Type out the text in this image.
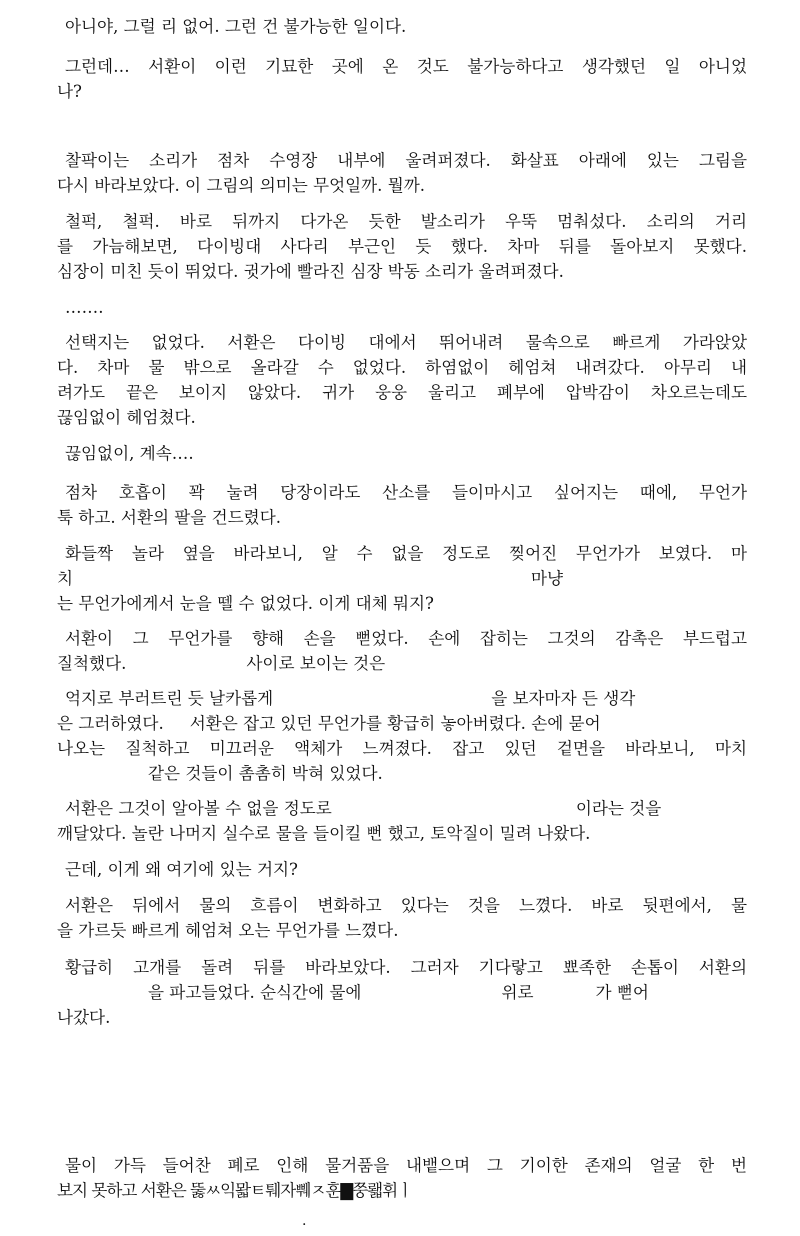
아니야, 그럴 리 없어. 그런 건 불가능한 일이다.

그런데… 서환이 이런 기묘한 곳에 온 것도 불가능하다고 생각했던 일 아니었
나?

찰팍이는 소리가 점차 수영장 내부에 울려퍼졌다. 화살표 아래에 있는 그림을
다시 바라보았다. 이 그림의 의미는 무엇일까. 뭘까.

철퍽, 철퍽. 바로 뒤까지 다가온 듯한 발소리가 우뚝 멈춰섰다. 소리의 거리
를 가늠해보면, 다이빙대 사다리 부근인 듯 했다. 차마 뒤를 돌아보지 못했다.
심장이 미친 듯이 뛰었다. 귓가에 빨라진 심장 박동 소리가 울려퍼졌다.

…….

선택지는 없었다. 서환은 다이빙 대에서 뛰어내려 물속으로 빠르게 가라앉았
다. 차마 물 밖으로 올라갈 수 없었다. 하염없이 헤엄쳐 내려갔다. 아무리 내
려가도 끝은 보이지 않았다. 귀가 웅웅 울리고 폐부에 압박감이 차오르는데도
끊임없이 헤엄쳤다.

끊임없이, 계속….

점차 호흡이 꽉 눌려 당장이라도 산소를 들이마시고 싶어지는 때에, 무언가
툭 하고. 서환의 팔을 건드렸다.

화들짝 놀라 옆을 바라보니, 알 수 없을 정도로 찢어진 무언가가 보였다. 마
치	마냥
는 무언가에게서 눈을 뗄 수 없었다. 이게 대체 뭐지?

서환이 그 무언가를 향해 손을 뻗었다. 손에 잡히는 그것의 감촉은 부드럽고
질척했다.	사이로 보이는 것은

억지로 부러트린 듯 날카롭게	을 보자마자 든 생각
은 그러하였다. 서환은 잡고 있던 무언가를 황급히 놓아버렸다. 손에 묻어
나오는 질척하고 미끄러운 액체가 느껴졌다. 잡고 있던 겉면을 바라보니, 마치
같은 것들이 촘촘히 박혀 있었다.

서환은 그것이 알아볼 수 없을 정도로	이라는 것을
깨달았다. 놀란 나머지 실수로 물을 들이킬 뻔 했고, 토악질이 밀려 나왔다.

근데, 이게 왜 여기에 있는 거지?

서환은 뒤에서 물의 흐름이 변화하고 있다는 것을 느꼈다. 바로 뒷편에서, 물
을 가르듯 빠르게 헤엄쳐 오는 무언가를 느꼈다.

황급히 고개를 돌려 뒤를 바라보았다. 그러자 기다랗고 뾰족한 손톱이 서환의
을 파고들었다. 순식간에 물에	위로	가 뻗어
나갔다.

물이 가득 들어찬 폐로 인해 물거품을 내뱉으며 그 기이한 존재의 얼굴 한 번
보지 못하고 서환은 뚫ㅆ익뫏ㅌ퉤자쀄ㅈ훈▇쭝뢟휘ㅣ

.
